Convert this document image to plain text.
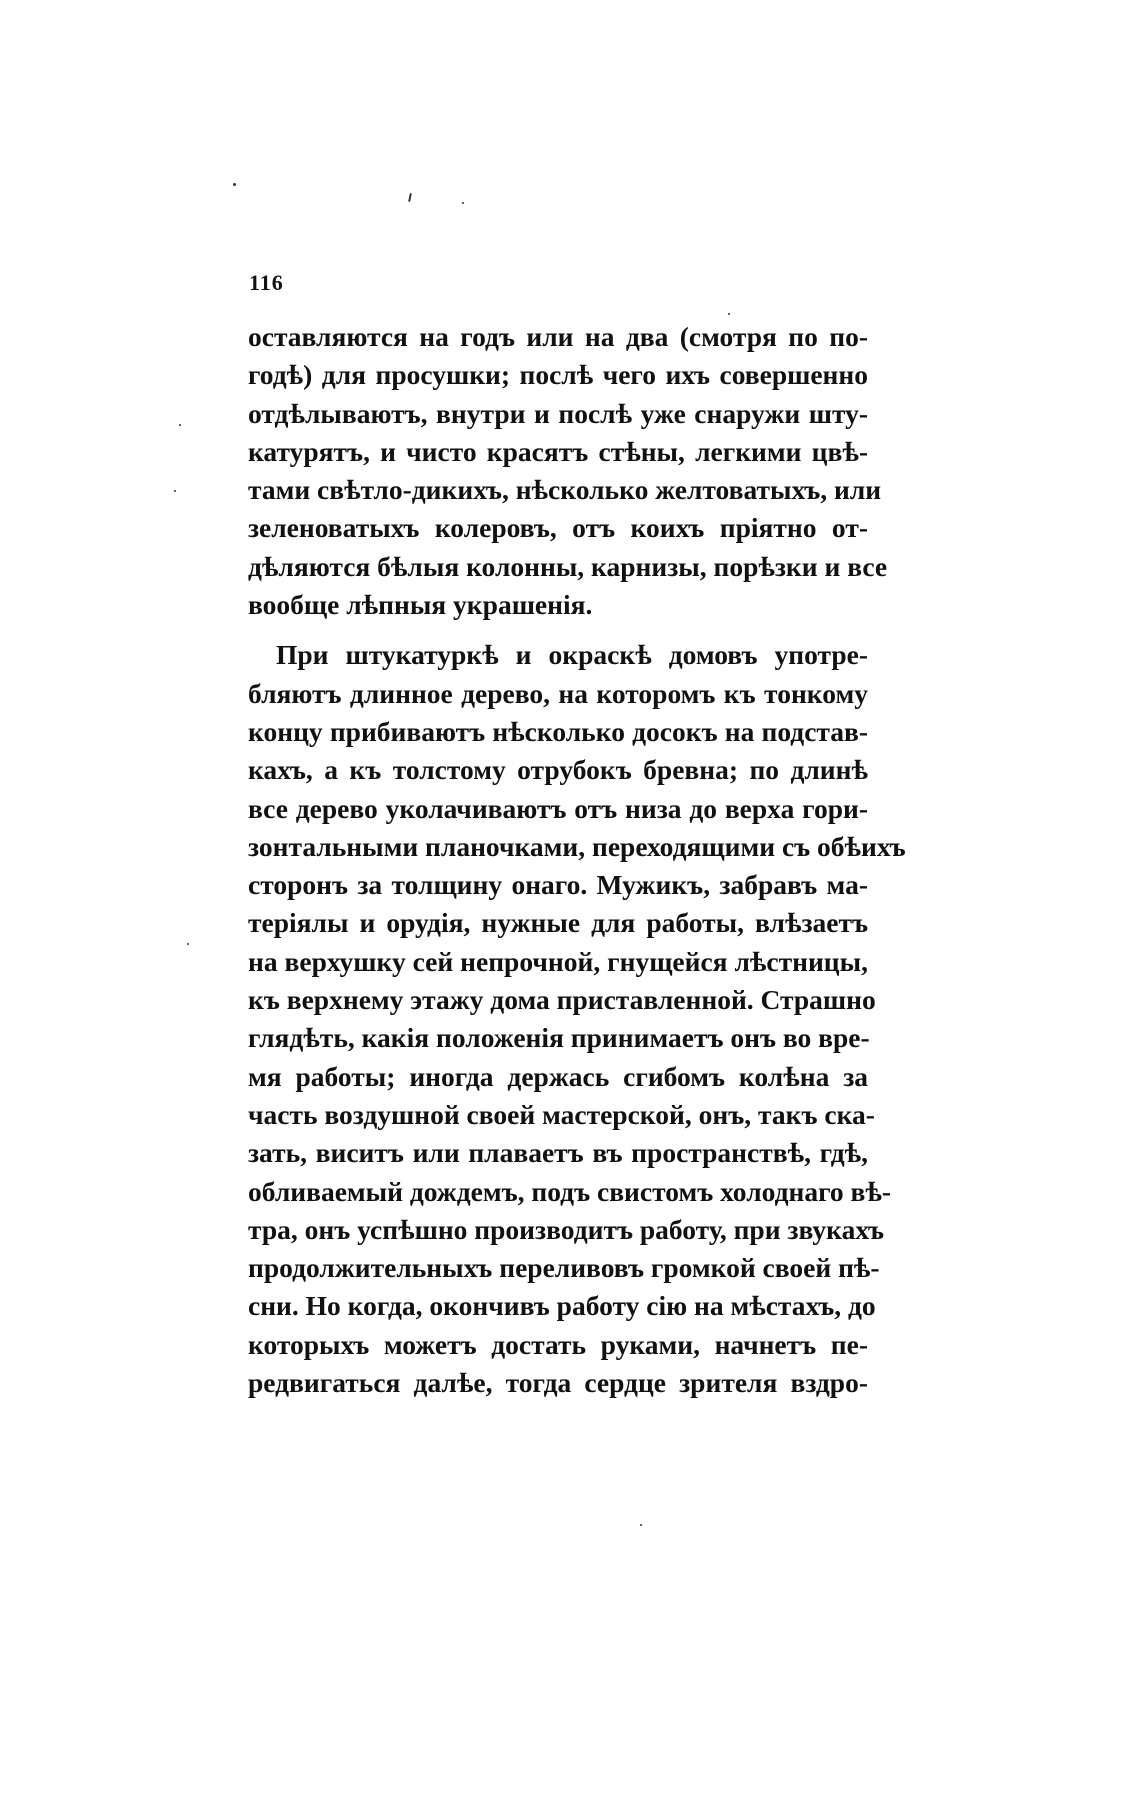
116
оставляются на годъ или на два (смотря по по-
годѣ) для просушки; послѣ чего ихъ совершенно
отдѣлываютъ, внутри и послѣ уже снаружи шту-
катурятъ, и чисто красятъ стѣны, легкими цвѣ-
тами свѣтло-дикихъ, нѣсколько желтоватыхъ, или
зеленоватыхъ колеровъ, отъ коихъ пріятно от-
дѣляются бѣлыя колонны, карнизы, порѣзки и все
вообще лѣпныя украшенія.
При штукатуркѣ и окраскѣ домовъ употре-
бляютъ длинное дерево, на которомъ къ тонкому
концу прибиваютъ нѣсколько досокъ на подстав-
кахъ, а къ толстому отрубокъ бревна; по длинѣ
все дерево уколачиваютъ отъ низа до верха гори-
зонтальными планочками, переходящими съ обѣихъ
сторонъ за толщину онаго. Мужикъ, забравъ ма-
теріялы и орудія, нужные для работы, влѣзаетъ
на верхушку сей непрочной, гнущейся лѣстницы,
къ верхнему этажу дома приставленной. Страшно
глядѣть, какія положенія принимаетъ онъ во вре-
мя работы; иногда держась сгибомъ колѣна за
часть воздушной своей мастерской, онъ, такъ ска-
зать, виситъ или плаваетъ въ пространствѣ, гдѣ,
обливаемый дождемъ, подъ свистомъ холоднаго вѣ-
тра, онъ успѣшно производитъ работу, при звукахъ
продолжительныхъ переливовъ громкой своей пѣ-
сни. Но когда, окончивъ работу сію на мѣстахъ, до
которыхъ можетъ достать руками, начнетъ пе-
редвигаться далѣе, тогда сердце зрителя вздро-
